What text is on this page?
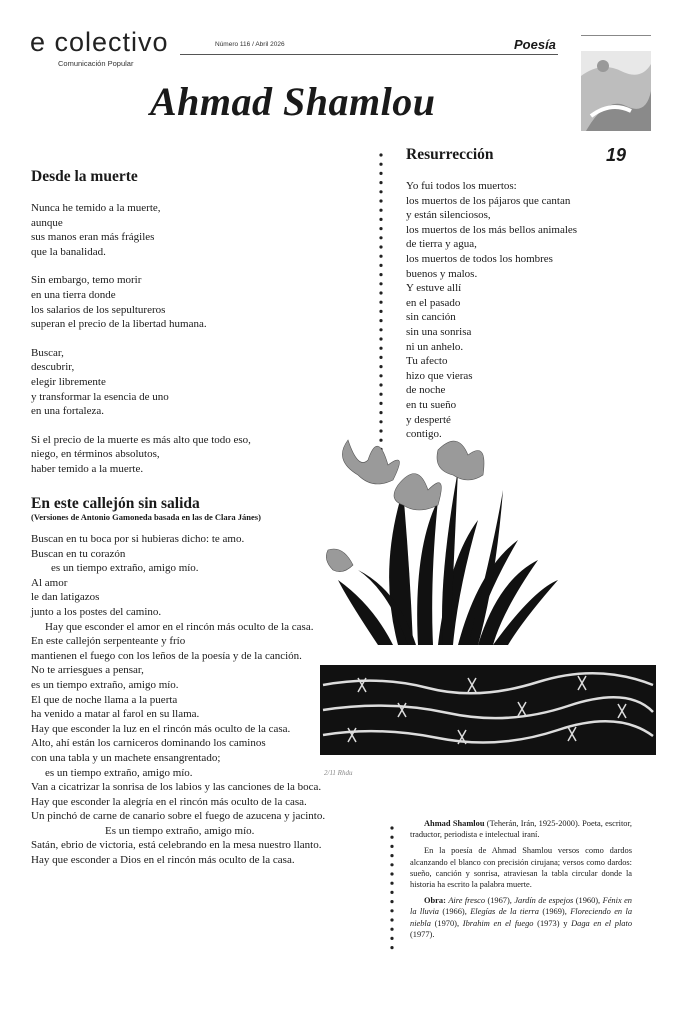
e colectivo
Comunicación Popular
Número 116 / Abril 2026	Poesía
Ahmad Shamlou
19
Desde la muerte
Nunca he temido a la muerte,
aunque
sus manos eran más frágiles
que la banalidad.
Sin embargo, temo morir
en una tierra donde
los salarios de los sepultureros
superan el precio de la libertad humana.
Buscar,
descubrir,
elegir libremente
y transformar la esencia de uno
en una fortaleza.
Si el precio de la muerte es más alto que todo eso,
niego, en términos absolutos,
haber temido a la muerte.
En este callejón sin salida
(Versiones de Antonio Gamoneda basada en las de Clara Jánes)
Buscan en tu boca por si hubieras dicho: te amo.
Buscan en tu corazón
es un tiempo extraño, amigo mío.
Al amor
le dan latigazos
junto a los postes del camino.
Hay que esconder el amor en el rincón más oculto de la casa.
En este callejón serpenteante y frío
mantienen el fuego con los leños de la poesía y de la canción.
No te arriesgues a pensar,
es un tiempo extraño, amigo mío.
El que de noche llama a la puerta
ha venido a matar al farol en su llama.
Hay que esconder la luz en el rincón más oculto de la casa.
Alto, ahí están los carniceros dominando los caminos
con una tabla y un machete ensangrentado;
es un tiempo extraño, amigo mío.
Van a cicatrizar la sonrisa de los labios y las canciones de la boca.
Hay que esconder la alegría en el rincón más oculto de la casa.
Un pinchó de carne de canario sobre el fuego de azucena y jacinto.
Es un tiempo extraño, amigo mío.
Satán, ebrio de victoria, está celebrando en la mesa nuestro llanto.
Hay que esconder a Dios en el rincón más oculto de la casa.
Resurrección
Yo fui todos los muertos:
los muertos de los pájaros que cantan
y están silenciosos,
los muertos de los más bellos animales
de tierra y agua,
los muertos de todos los hombres
buenos y malos.
Y estuve allí
en el pasado
sin canción
sin una sonrisa
ni un anhelo.
Tu afecto
hizo que vieras
de noche
en tu sueño
y desperté
contigo.
2/11 Rhdu

Ahmad Shamlou (Teherán, Irán, 1925-2000). Poeta, escritor, traductor, periodista e intelectual iraní.

En la poesía de Ahmad Shamlou versos como dardos alcanzando el blanco con precisión cirujana; versos como dardos: sueño, canción y sonrisa, atraviesan la tabla circular donde la historia ha escrito la palabra muerte.

Obra: Aire fresco (1967), Jardín de espejos (1960), Fénix en la lluvia (1966), Elegías de la tierra (1969), Floreciendo en la niebla (1970), Ibrahim en el fuego (1973) y Daga en el plato (1977).
